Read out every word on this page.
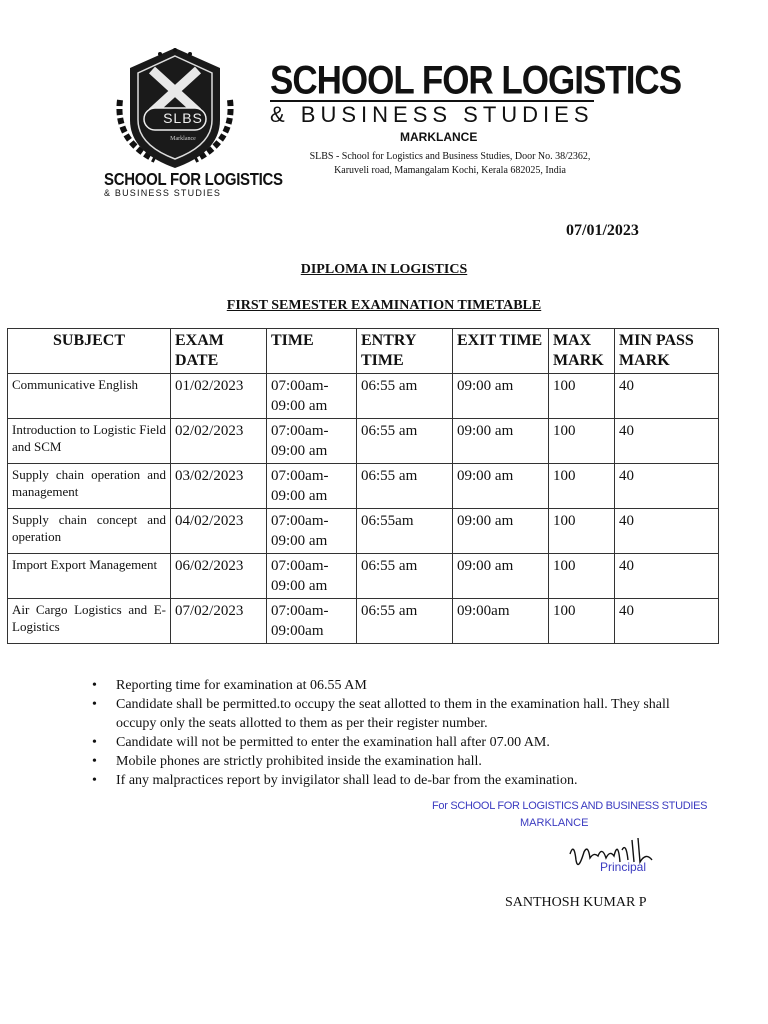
SLBS
Marklance
SCHOOL FOR LOGISTICS
& BUSINESS STUDIES
SCHOOL FOR LOGISTICS
& BUSINESS STUDIES
MARKLANCE
SLBS - School for Logistics and Business Studies, Door No. 38/2362,
Karuveli road, Mamangalam Kochi, Kerala 682025, India
07/01/2023
DIPLOMA IN LOGISTICS
FIRST SEMESTER EXAMINATION TIMETABLE
SUBJECT	EXAM DATE	TIME	ENTRY TIME	EXIT TIME	MAX MARK	MIN PASS MARK
Communicative English	01/02/2023	07:00am-09:00 am	06:55 am	09:00 am	100	40
Introduction to Logistic Field and SCM	02/02/2023	07:00am-09:00 am	06:55 am	09:00 am	100	40
Supply chain operation and management	03/02/2023	07:00am-09:00 am	06:55 am	09:00 am	100	40
Supply chain concept and operation	04/02/2023	07:00am-09:00 am	06:55am	09:00 am	100	40
Import Export Management	06/02/2023	07:00am-09:00 am	06:55 am	09:00 am	100	40
Air Cargo Logistics and E-Logistics	07/02/2023	07:00am-09:00am	06:55 am	09:00am	100	40
• Reporting time for examination at 06.55 AM
• Candidate shall be permitted.to occupy the seat allotted to them in the examination hall. They shall occupy only the seats allotted to them as per their register number.
• Candidate will not be permitted to enter the examination hall after 07.00 AM.
• Mobile phones are strictly prohibited inside the examination hall.
• If any malpractices report by invigilator shall lead to de-bar from the examination.
For SCHOOL FOR LOGISTICS AND BUSINESS STUDIES
MARKLANCE
Principal
SANTHOSH KUMAR P
